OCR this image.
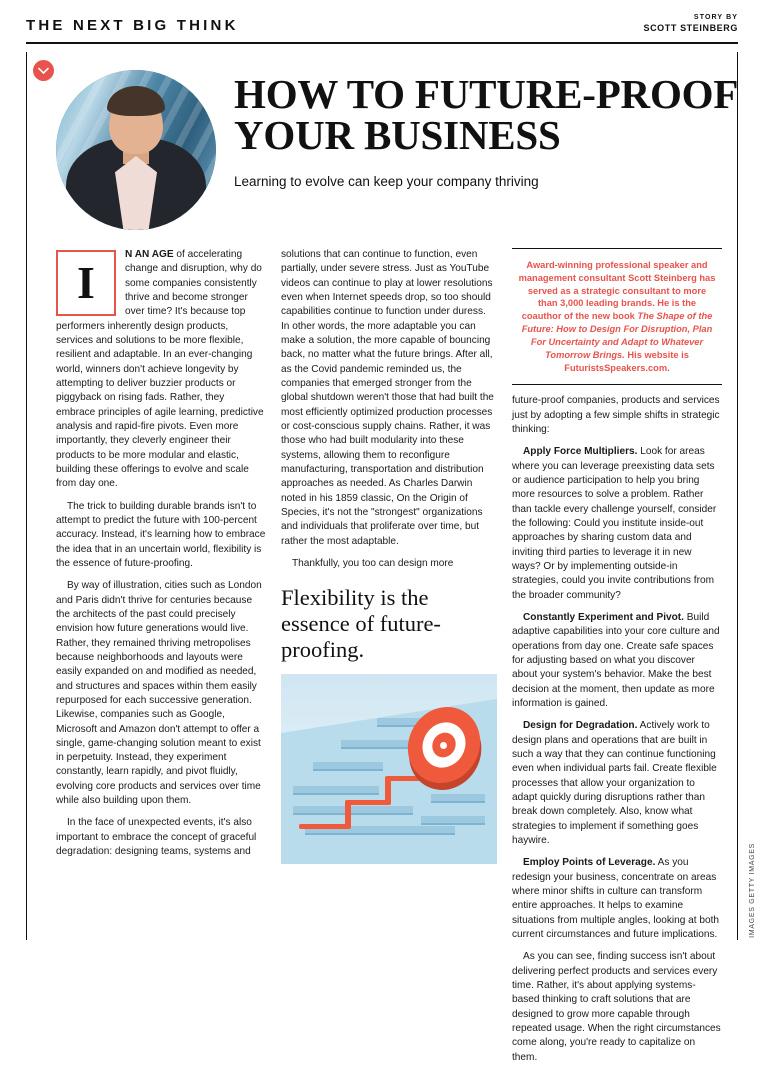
THE NEXT BIG THINK	STORY BY
SCOTT STEINBERG
HOW TO FUTURE-PROOF YOUR BUSINESS

Learning to evolve can keep your company thriving

I

N AN AGE of accelerating change and disruption, why do some companies consistently thrive and become stronger over time? It's because top performers inherently design products, services and solutions to be more flexible, resilient and adaptable. In an ever-changing world, winners don't achieve longevity by attempting to deliver buzzier products or piggyback on rising fads. Rather, they embrace principles of agile learning, predictive analysis and rapid-fire pivots. Even more importantly, they cleverly engineer their products to be more modular and elastic, building these offerings to evolve and scale from day one.

The trick to building durable brands isn't to attempt to predict the future with 100-percent accuracy. Instead, it's learning how to embrace the idea that in an uncertain world, flexibility is the essence of future-proofing.

By way of illustration, cities such as London and Paris didn't thrive for centuries because the architects of the past could precisely envision how future generations would live. Rather, they remained thriving metropolises because neighborhoods and layouts were easily expanded on and modified as needed, and structures and spaces within them easily repurposed for each successive generation. Likewise, companies such as Google, Microsoft and Amazon don't attempt to offer a single, game-changing solution meant to exist in perpetuity. Instead, they experiment constantly, learn rapidly, and pivot fluidly, evolving core products and services over time while also building upon them.

In the face of unexpected events, it's also important to embrace the concept of graceful degradation: designing teams, systems and

solutions that can continue to function, even partially, under severe stress. Just as YouTube videos can continue to play at lower resolutions even when Internet speeds drop, so too should capabilities continue to function under duress. In other words, the more adaptable you can make a solution, the more capable of bouncing back, no matter what the future brings. After all, as the Covid pandemic reminded us, the companies that emerged stronger from the global shutdown weren't those that had built the most efficiently optimized production processes or cost-conscious supply chains. Rather, it was those who had built modularity into these systems, allowing them to reconfigure manufacturing, transportation and distribution approaches as needed. As Charles Darwin noted in his 1859 classic, On the Origin of Species, it's not the "strongest" organizations and individuals that proliferate over time, but rather the most adaptable.

Thankfully, you too can design more

Flexibility is the essence of future-proofing.

Award-winning professional speaker and management consultant Scott Steinberg has served as a strategic consultant to more than 3,000 leading brands. He is the coauthor of the new book The Shape of the Future: How to Design For Disruption, Plan For Uncertainty and Adapt to Whatever Tomorrow Brings. His website is FuturistsSpeakers.com.

future-proof companies, products and services just by adopting a few simple shifts in strategic thinking:

Apply Force Multipliers. Look for areas where you can leverage preexisting data sets or audience participation to help you bring more resources to solve a problem. Rather than tackle every challenge yourself, consider the following: Could you institute inside-out approaches by sharing custom data and inviting third parties to leverage it in new ways? Or by implementing outside-in strategies, could you invite contributions from the broader community?

Constantly Experiment and Pivot. Build adaptive capabilities into your core culture and operations from day one. Create safe spaces for adjusting based on what you discover about your system's behavior. Make the best decision at the moment, then update as more information is gained.

Design for Degradation. Actively work to design plans and operations that are built in such a way that they can continue functioning even when individual parts fail. Create flexible processes that allow your organization to adapt quickly during disruptions rather than break down completely. Also, know what strategies to implement if something goes haywire.

Employ Points of Leverage. As you redesign your business, concentrate on areas where minor shifts in culture can transform entire approaches. It helps to examine situations from multiple angles, looking at both current circumstances and future implications.

As you can see, finding success isn't about delivering perfect products and services every time. Rather, it's about applying systems-based thinking to craft solutions that are designed to grow more capable through repeated usage. When the right circumstances come along, you're ready to capitalize on them.

IMAGES GETTY IMAGES
